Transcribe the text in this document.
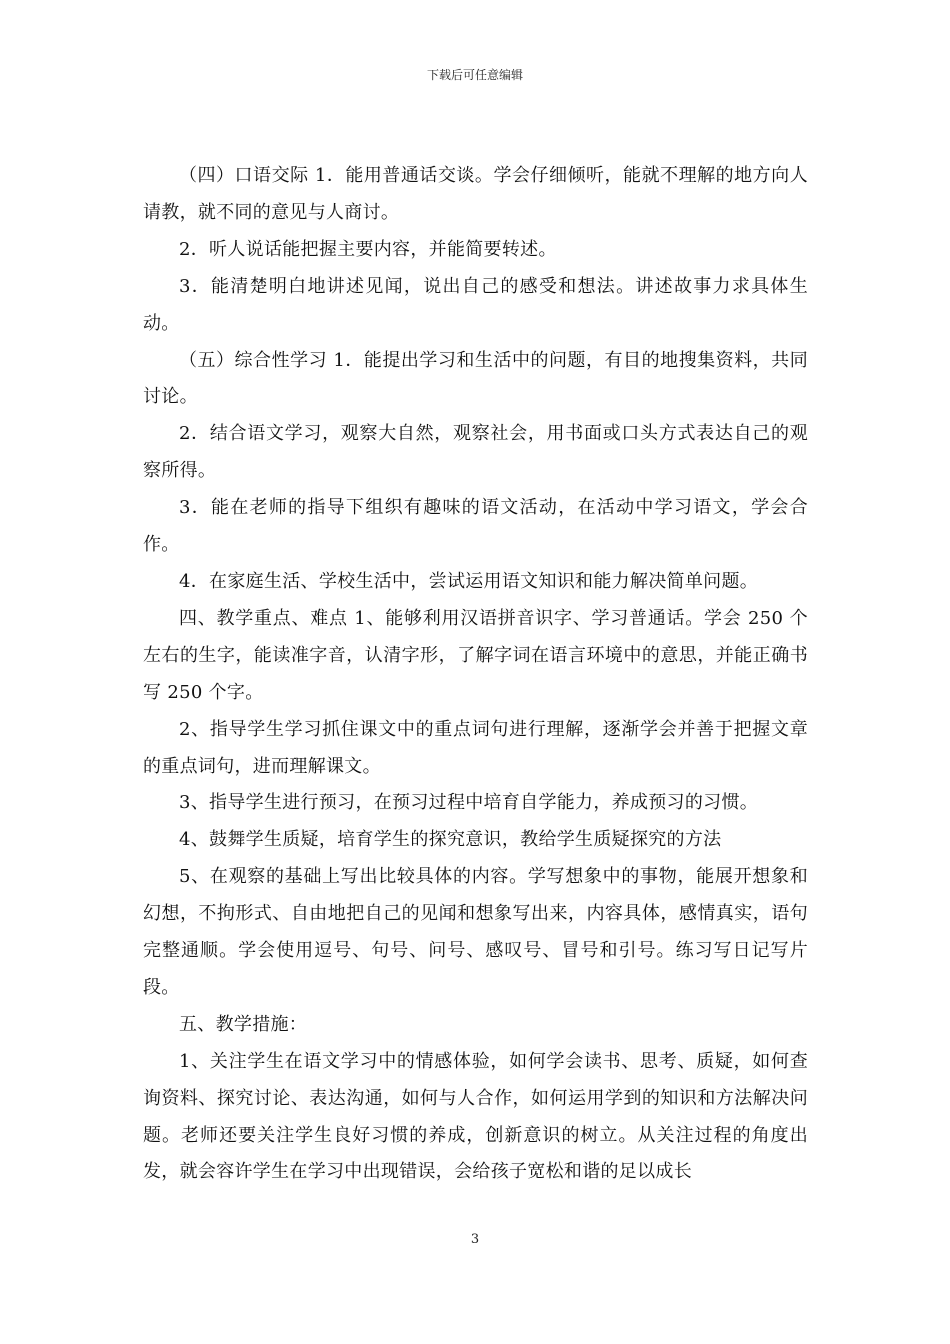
下载后可任意编辑

（四）口语交际 1．能用普通话交谈。学会仔细倾听，能就不理解的地方向人请教，就不同的意见与人商讨。

2．听人说话能把握主要内容，并能简要转述。

3．能清楚明白地讲述见闻，说出自己的感受和想法。讲述故事力求具体生动。

（五）综合性学习 1．能提出学习和生活中的问题，有目的地搜集资料，共同讨论。

2．结合语文学习，观察大自然，观察社会，用书面或口头方式表达自己的观察所得。

3．能在老师的指导下组织有趣味的语文活动，在活动中学习语文，学会合作。

4．在家庭生活、学校生活中，尝试运用语文知识和能力解决简单问题。

四、教学重点、难点 1、能够利用汉语拼音识字、学习普通话。学会 250 个左右的生字，能读准字音，认清字形，了解字词在语言环境中的意思，并能正确书写 250 个字。

2、指导学生学习抓住课文中的重点词句进行理解，逐渐学会并善于把握文章的重点词句，进而理解课文。

3、指导学生进行预习，在预习过程中培育自学能力，养成预习的习惯。

4、鼓舞学生质疑，培育学生的探究意识，教给学生质疑探究的方法

5、在观察的基础上写出比较具体的内容。学写想象中的事物，能展开想象和幻想，不拘形式、自由地把自己的见闻和想象写出来，内容具体，感情真实，语句完整通顺。学会使用逗号、句号、问号、感叹号、冒号和引号。练习写日记写片段。

五、教学措施：

1、关注学生在语文学习中的情感体验，如何学会读书、思考、质疑，如何查询资料、探究讨论、表达沟通，如何与人合作，如何运用学到的知识和方法解决问题。老师还要关注学生良好习惯的养成，创新意识的树立。从关注过程的角度出发，就会容许学生在学习中出现错误，会给孩子宽松和谐的足以成长

3
